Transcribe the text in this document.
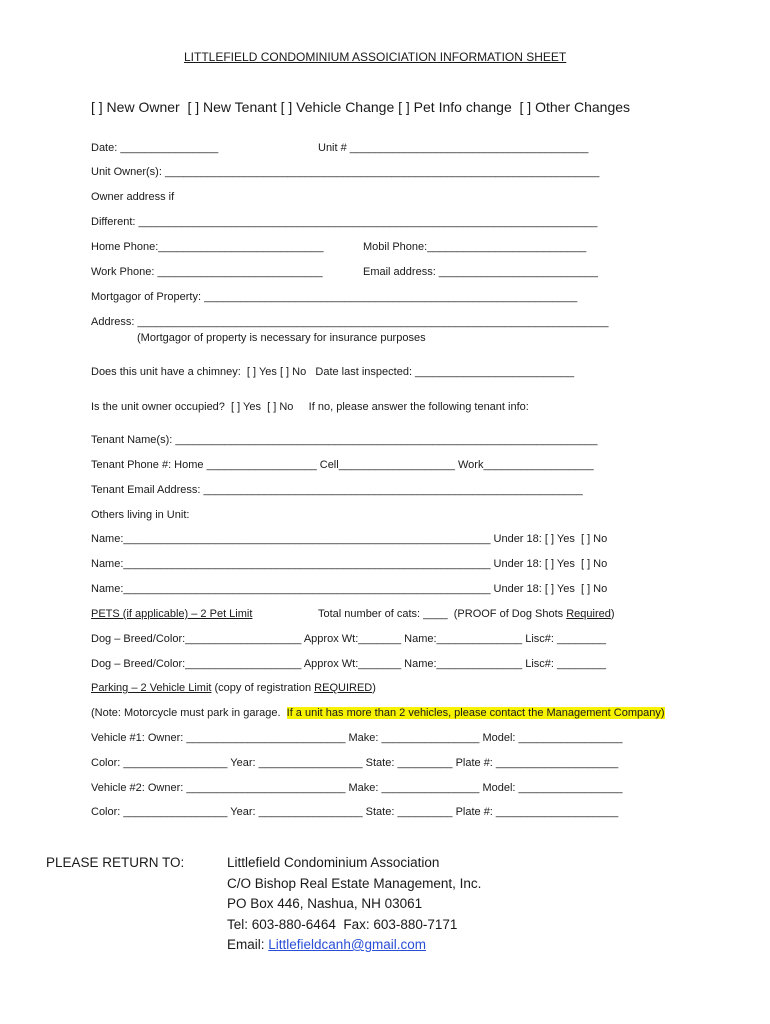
LITTLEFIELD CONDOMINIUM ASSOICIATION INFORMATION SHEET
[ ] New Owner  [ ] New Tenant [ ] Vehicle Change [ ] Pet Info change  [ ] Other Changes
Date: ________________	Unit # _______________________________________
Unit Owner(s): _______________________________________________________________________
Owner address if
Different: ___________________________________________________________________________
Home Phone:___________________________	Mobil Phone:__________________________
Work Phone: ___________________________	Email address: __________________________
Mortgagor of Property: _____________________________________________________________
Address: _____________________________________________________________________________
(Mortgagor of property is necessary for insurance purposes
Does this unit have a chimney:  [ ] Yes [ ] No   Date last inspected: __________________________
Is the unit owner occupied?  [ ] Yes  [ ] No     If no, please answer the following tenant info:
Tenant Name(s): _____________________________________________________________________
Tenant Phone #: Home __________________ Cell___________________ Work__________________
Tenant Email Address: ______________________________________________________________
Others living in Unit:
Name:____________________________________________________________ Under 18: [ ] Yes  [ ] No
Name:____________________________________________________________ Under 18: [ ] Yes  [ ] No
Name:____________________________________________________________ Under 18: [ ] Yes  [ ] No
PETS (if applicable) – 2 Pet Limit	Total number of cats: ____  (PROOF of Dog Shots Required)
Dog – Breed/Color:___________________ Approx Wt:_______ Name:______________ Lisc#: ________
Dog – Breed/Color:___________________ Approx Wt:_______ Name:______________ Lisc#: ________
Parking – 2 Vehicle Limit (copy of registration REQUIRED)
(Note: Motorcycle must park in garage.  If a unit has more than 2 vehicles, please contact the Management Company)
Vehicle #1: Owner: __________________________ Make: ________________ Model: _________________
Color: _________________ Year: _________________ State: _________ Plate #: ____________________
Vehicle #2: Owner: __________________________ Make: ________________ Model: _________________
Color: _________________ Year: _________________ State: _________ Plate #: ____________________
PLEASE RETURN TO:	Littlefield Condominium Association
C/O Bishop Real Estate Management, Inc.
PO Box 446, Nashua, NH 03061
Tel: 603-880-6464  Fax: 603-880-7171
Email: Littlefieldcanh@gmail.com
